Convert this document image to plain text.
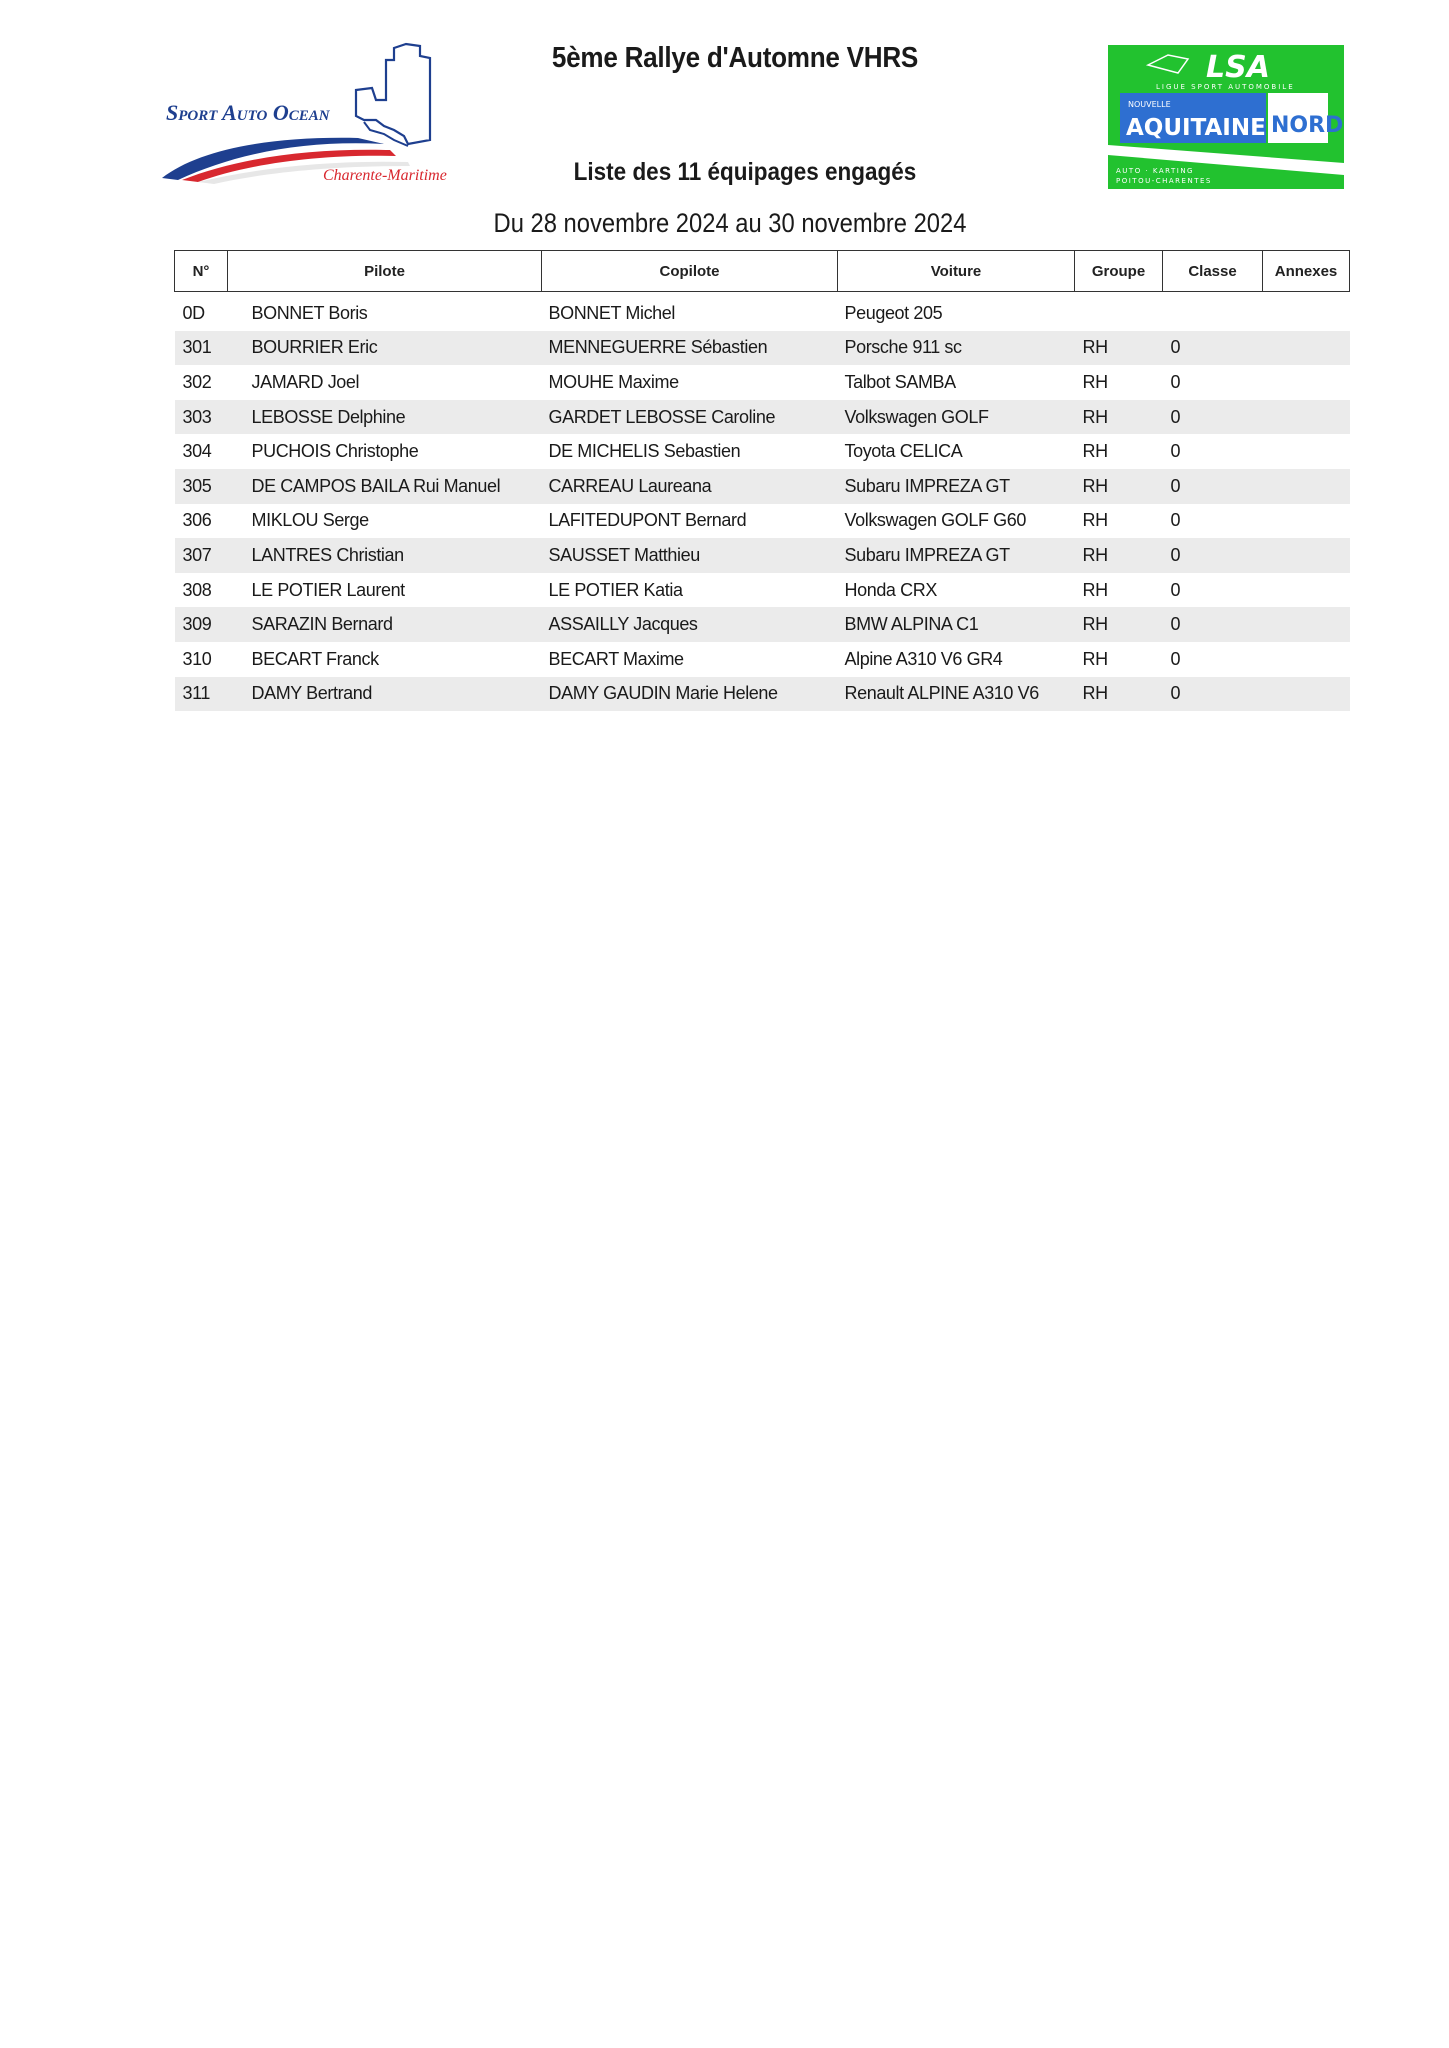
SPORT AUTO OCEAN
Charente-Maritime
LSA
LIGUE SPORT AUTOMOBILE
NOUVELLE
AQUITAINE NORD
AUTO · KARTING
POITOU-CHARENTES
5ème Rallye d'Automne VHRS
Liste des 11 équipages engagés
Du 28 novembre 2024 au 30 novembre 2024
N°	Pilote	Copilote	Voiture	Groupe	Classe	Annexes
0D	BONNET Boris	BONNET Michel	Peugeot 205			
301	BOURRIER Eric	MENNEGUERRE Sébastien	Porsche 911 sc	RH	0	
302	JAMARD Joel	MOUHE Maxime	Talbot SAMBA	RH	0	
303	LEBOSSE Delphine	GARDET LEBOSSE Caroline	Volkswagen GOLF	RH	0	
304	PUCHOIS Christophe	DE MICHELIS Sebastien	Toyota CELICA	RH	0	
305	DE CAMPOS BAILA Rui Manuel	CARREAU Laureana	Subaru IMPREZA GT	RH	0	
306	MIKLOU Serge	LAFITEDUPONT Bernard	Volkswagen GOLF G60	RH	0	
307	LANTRES Christian	SAUSSET Matthieu	Subaru IMPREZA GT	RH	0	
308	LE POTIER Laurent	LE POTIER Katia	Honda CRX	RH	0	
309	SARAZIN Bernard	ASSAILLY Jacques	BMW ALPINA C1	RH	0	
310	BECART Franck	BECART Maxime	Alpine A310 V6 GR4	RH	0	
311	DAMY Bertrand	DAMY GAUDIN Marie Helene	Renault ALPINE A310 V6	RH	0	
